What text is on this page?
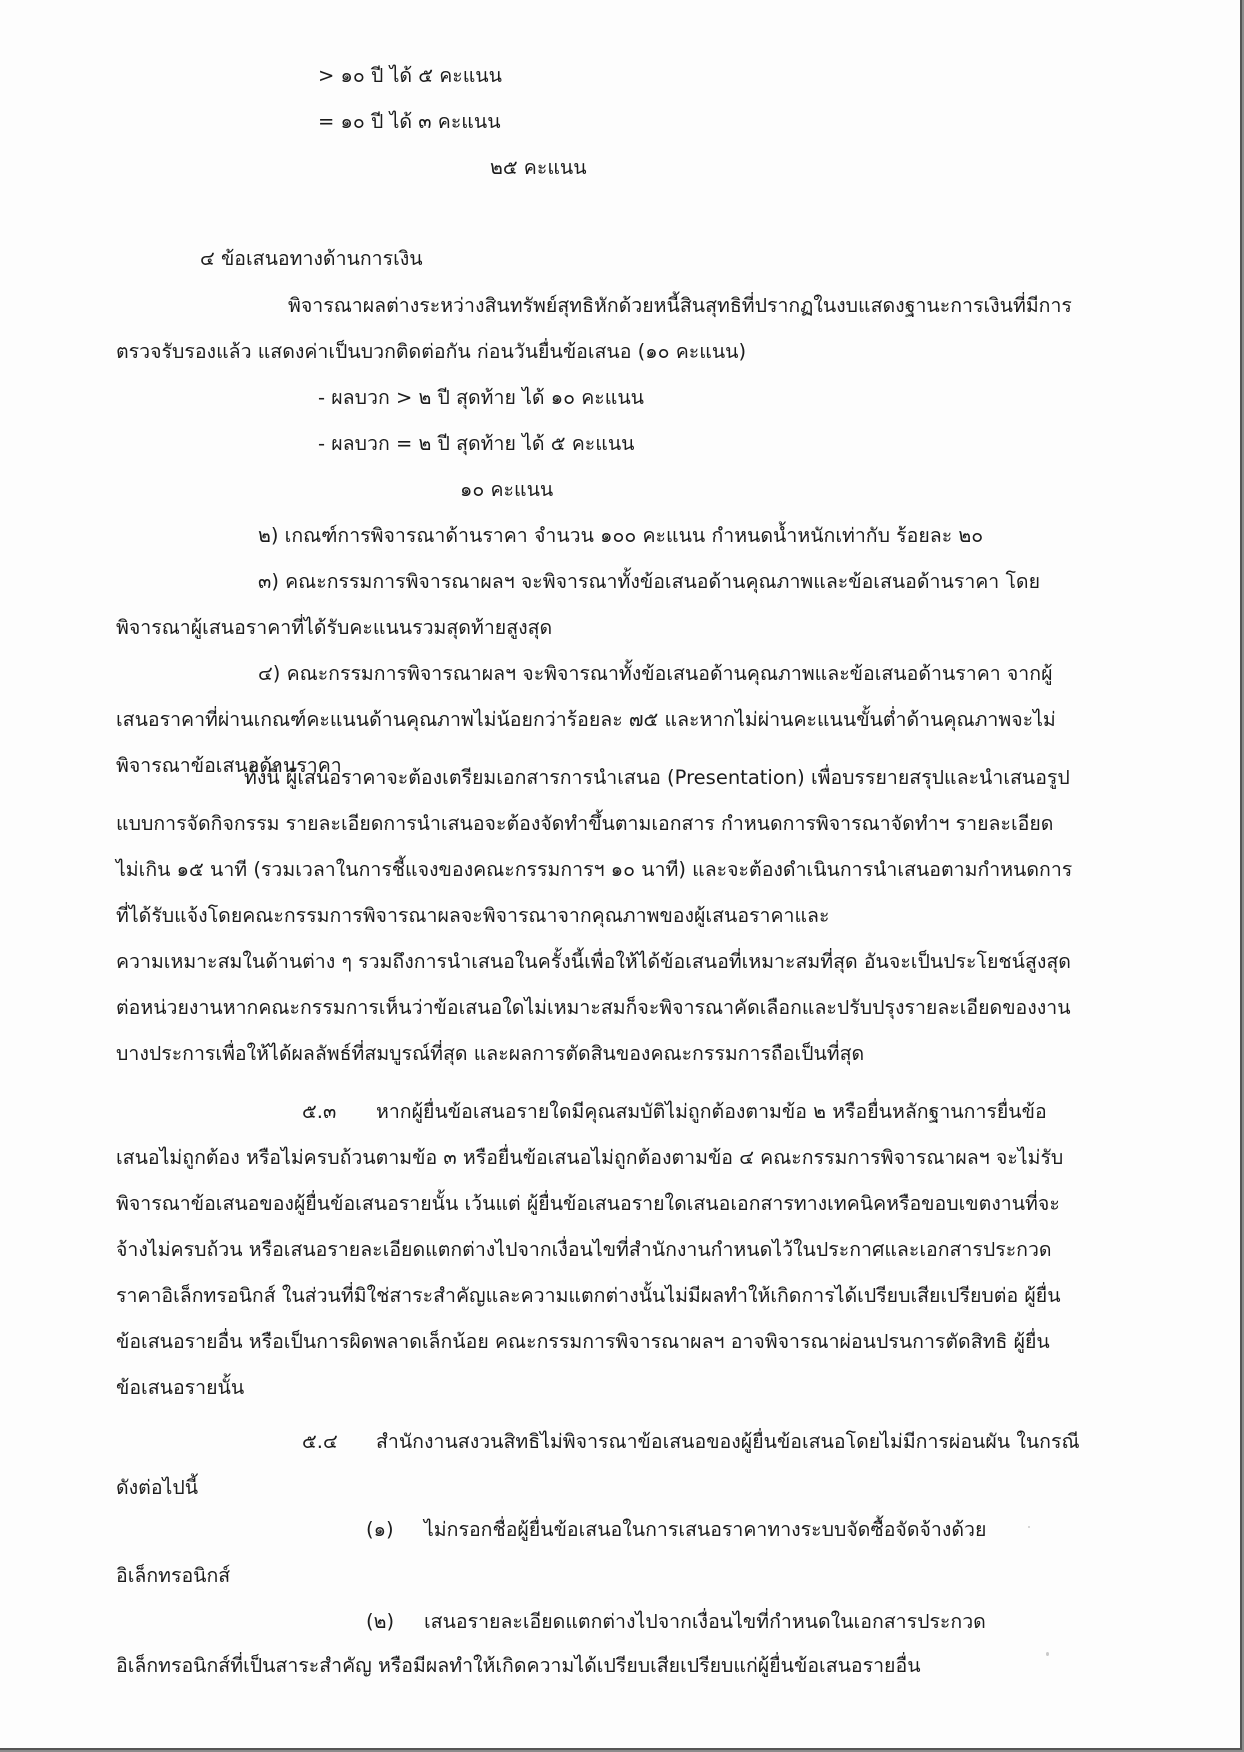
> ๑๐ ปี ได้ ๕ คะแนน
= ๑๐ ปี ได้ ๓ คะแนน
๒๕ คะแนน
๔ ข้อเสนอทางด้านการเงิน
พิจารณาผลต่างระหว่างสินทรัพย์สุทธิหักด้วยหนี้สินสุทธิที่ปรากฏในงบแสดงฐานะการเงินที่มีการ
ตรวจรับรองแล้ว แสดงค่าเป็นบวกติดต่อกัน ก่อนวันยื่นข้อเสนอ (๑๐ คะแนน)
- ผลบวก > ๒ ปี สุดท้าย ได้ ๑๐ คะแนน
- ผลบวก = ๒ ปี สุดท้าย ได้ ๕ คะแนน
๑๐ คะแนน
๒) เกณฑ์การพิจารณาด้านราคา จำนวน ๑๐๐ คะแนน กำหนดน้ำหนักเท่ากับ ร้อยละ ๒๐
๓) คณะกรรมการพิจารณาผลฯ จะพิจารณาทั้งข้อเสนอด้านคุณภาพและข้อเสนอด้านราคา โดย
พิจารณาผู้เสนอราคาที่ได้รับคะแนนรวมสุดท้ายสูงสุด
๔) คณะกรรมการพิจารณาผลฯ จะพิจารณาทั้งข้อเสนอด้านคุณภาพและข้อเสนอด้านราคา จากผู้
เสนอราคาที่ผ่านเกณฑ์คะแนนด้านคุณภาพไม่น้อยกว่าร้อยละ ๗๕ และหากไม่ผ่านคะแนนขั้นต่ำด้านคุณภาพจะไม่
พิจารณาข้อเสนอด้านราคา
ทั้งนี้ ผู้เสนอราคาจะต้องเตรียมเอกสารการนำเสนอ (Presentation) เพื่อบรรยายสรุปและนำเสนอรูป
แบบการจัดกิจกรรม รายละเอียดการนำเสนอจะต้องจัดทำขึ้นตามเอกสาร กำหนดการพิจารณาจัดทำฯ รายละเอียด
ไม่เกิน ๑๕ นาที (รวมเวลาในการชี้แจงของคณะกรรมการฯ ๑๐ นาที) และจะต้องดำเนินการนำเสนอตามกำหนดการ
ที่ได้รับแจ้งโดยคณะกรรมการพิจารณาผลจะพิจารณาจากคุณภาพของผู้เสนอราคาและ
ความเหมาะสมในด้านต่าง ๆ รวมถึงการนำเสนอในครั้งนี้เพื่อให้ได้ข้อเสนอที่เหมาะสมที่สุด อันจะเป็นประโยชน์สูงสุด
ต่อหน่วยงานหากคณะกรรมการเห็นว่าข้อเสนอใดไม่เหมาะสมก็จะพิจารณาคัดเลือกและปรับปรุงรายละเอียดของงาน
บางประการเพื่อให้ได้ผลลัพธ์ที่สมบูรณ์ที่สุด และผลการตัดสินของคณะกรรมการถือเป็นที่สุด
๕.๓ หากผู้ยื่นข้อเสนอรายใดมีคุณสมบัติไม่ถูกต้องตามข้อ ๒ หรือยื่นหลักฐานการยื่นข้อ
เสนอไม่ถูกต้อง หรือไม่ครบถ้วนตามข้อ ๓ หรือยื่นข้อเสนอไม่ถูกต้องตามข้อ ๔ คณะกรรมการพิจารณาผลฯ จะไม่รับ
พิจารณาข้อเสนอของผู้ยื่นข้อเสนอรายนั้น เว้นแต่ ผู้ยื่นข้อเสนอรายใดเสนอเอกสารทางเทคนิคหรือขอบเขตงานที่จะ
จ้างไม่ครบถ้วน หรือเสนอรายละเอียดแตกต่างไปจากเงื่อนไขที่สำนักงานกำหนดไว้ในประกาศและเอกสารประกวด
ราคาอิเล็กทรอนิกส์ ในส่วนที่มิใช่สาระสำคัญและความแตกต่างนั้นไม่มีผลทำให้เกิดการได้เปรียบเสียเปรียบต่อ ผู้ยื่น
ข้อเสนอรายอื่น หรือเป็นการผิดพลาดเล็กน้อย คณะกรรมการพิจารณาผลฯ อาจพิจารณาผ่อนปรนการตัดสิทธิ ผู้ยื่น
ข้อเสนอรายนั้น
๕.๔ สำนักงานสงวนสิทธิไม่พิจารณาข้อเสนอของผู้ยื่นข้อเสนอโดยไม่มีการผ่อนผัน ในกรณี
ดังต่อไปนี้
(๑) ไม่กรอกชื่อผู้ยื่นข้อเสนอในการเสนอราคาทางระบบจัดซื้อจัดจ้างด้วย
อิเล็กทรอนิกส์
(๒) เสนอรายละเอียดแตกต่างไปจากเงื่อนไขที่กำหนดในเอกสารประกวด
อิเล็กทรอนิกส์ที่เป็นสาระสำคัญ หรือมีผลทำให้เกิดความได้เปรียบเสียเปรียบแก่ผู้ยื่นข้อเสนอรายอื่น
